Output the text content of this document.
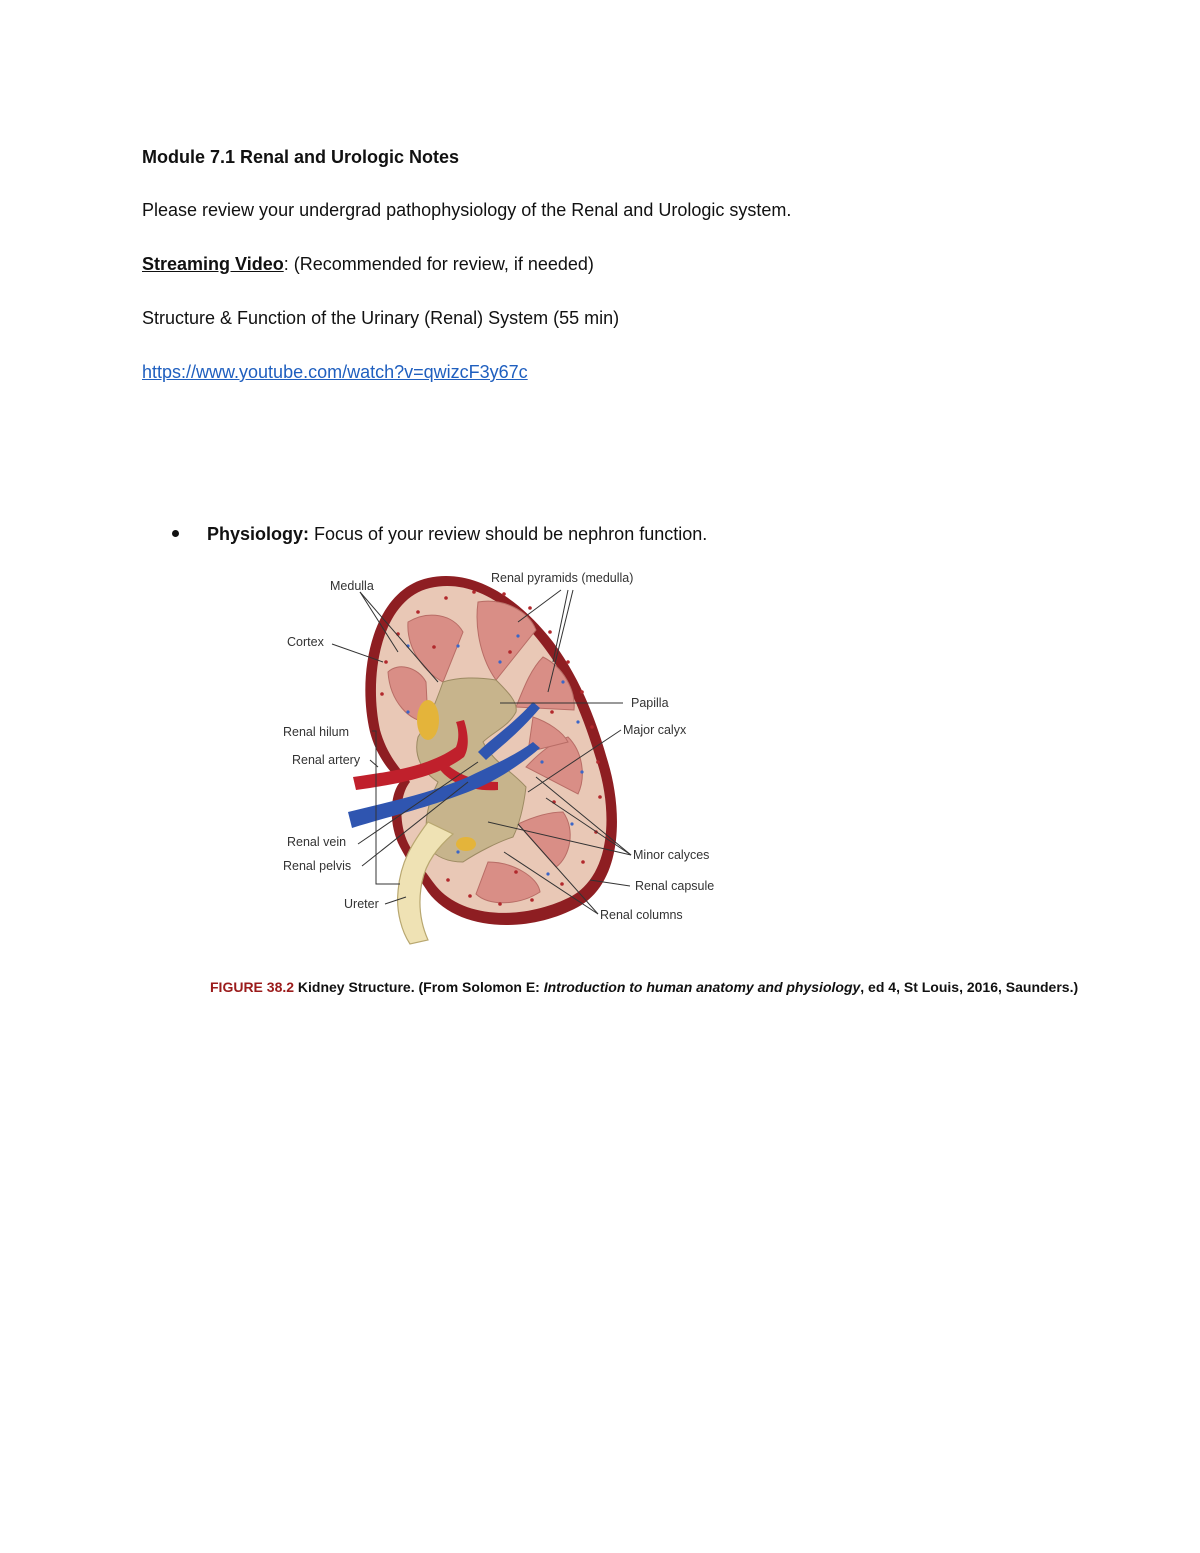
Module 7.1 Renal and Urologic Notes
Please review your undergrad pathophysiology of the Renal and Urologic system.
Streaming Video: (Recommended for review, if needed)
Structure & Function of the Urinary (Renal) System (55 min)
https://www.youtube.com/watch?v=qwizcF3y67c
Physiology: Focus of your review should be nephron function.
Medulla
Renal pyramids (medulla)
Cortex
Papilla
Major calyx
Renal hilum
Renal artery
Renal vein
Renal pelvis
Minor calyces
Renal capsule
Ureter
Renal columns
FIGURE 38.2 Kidney Structure. (From Solomon E: Introduction to human anatomy and physiology, ed 4, St Louis, 2016, Saunders.)
